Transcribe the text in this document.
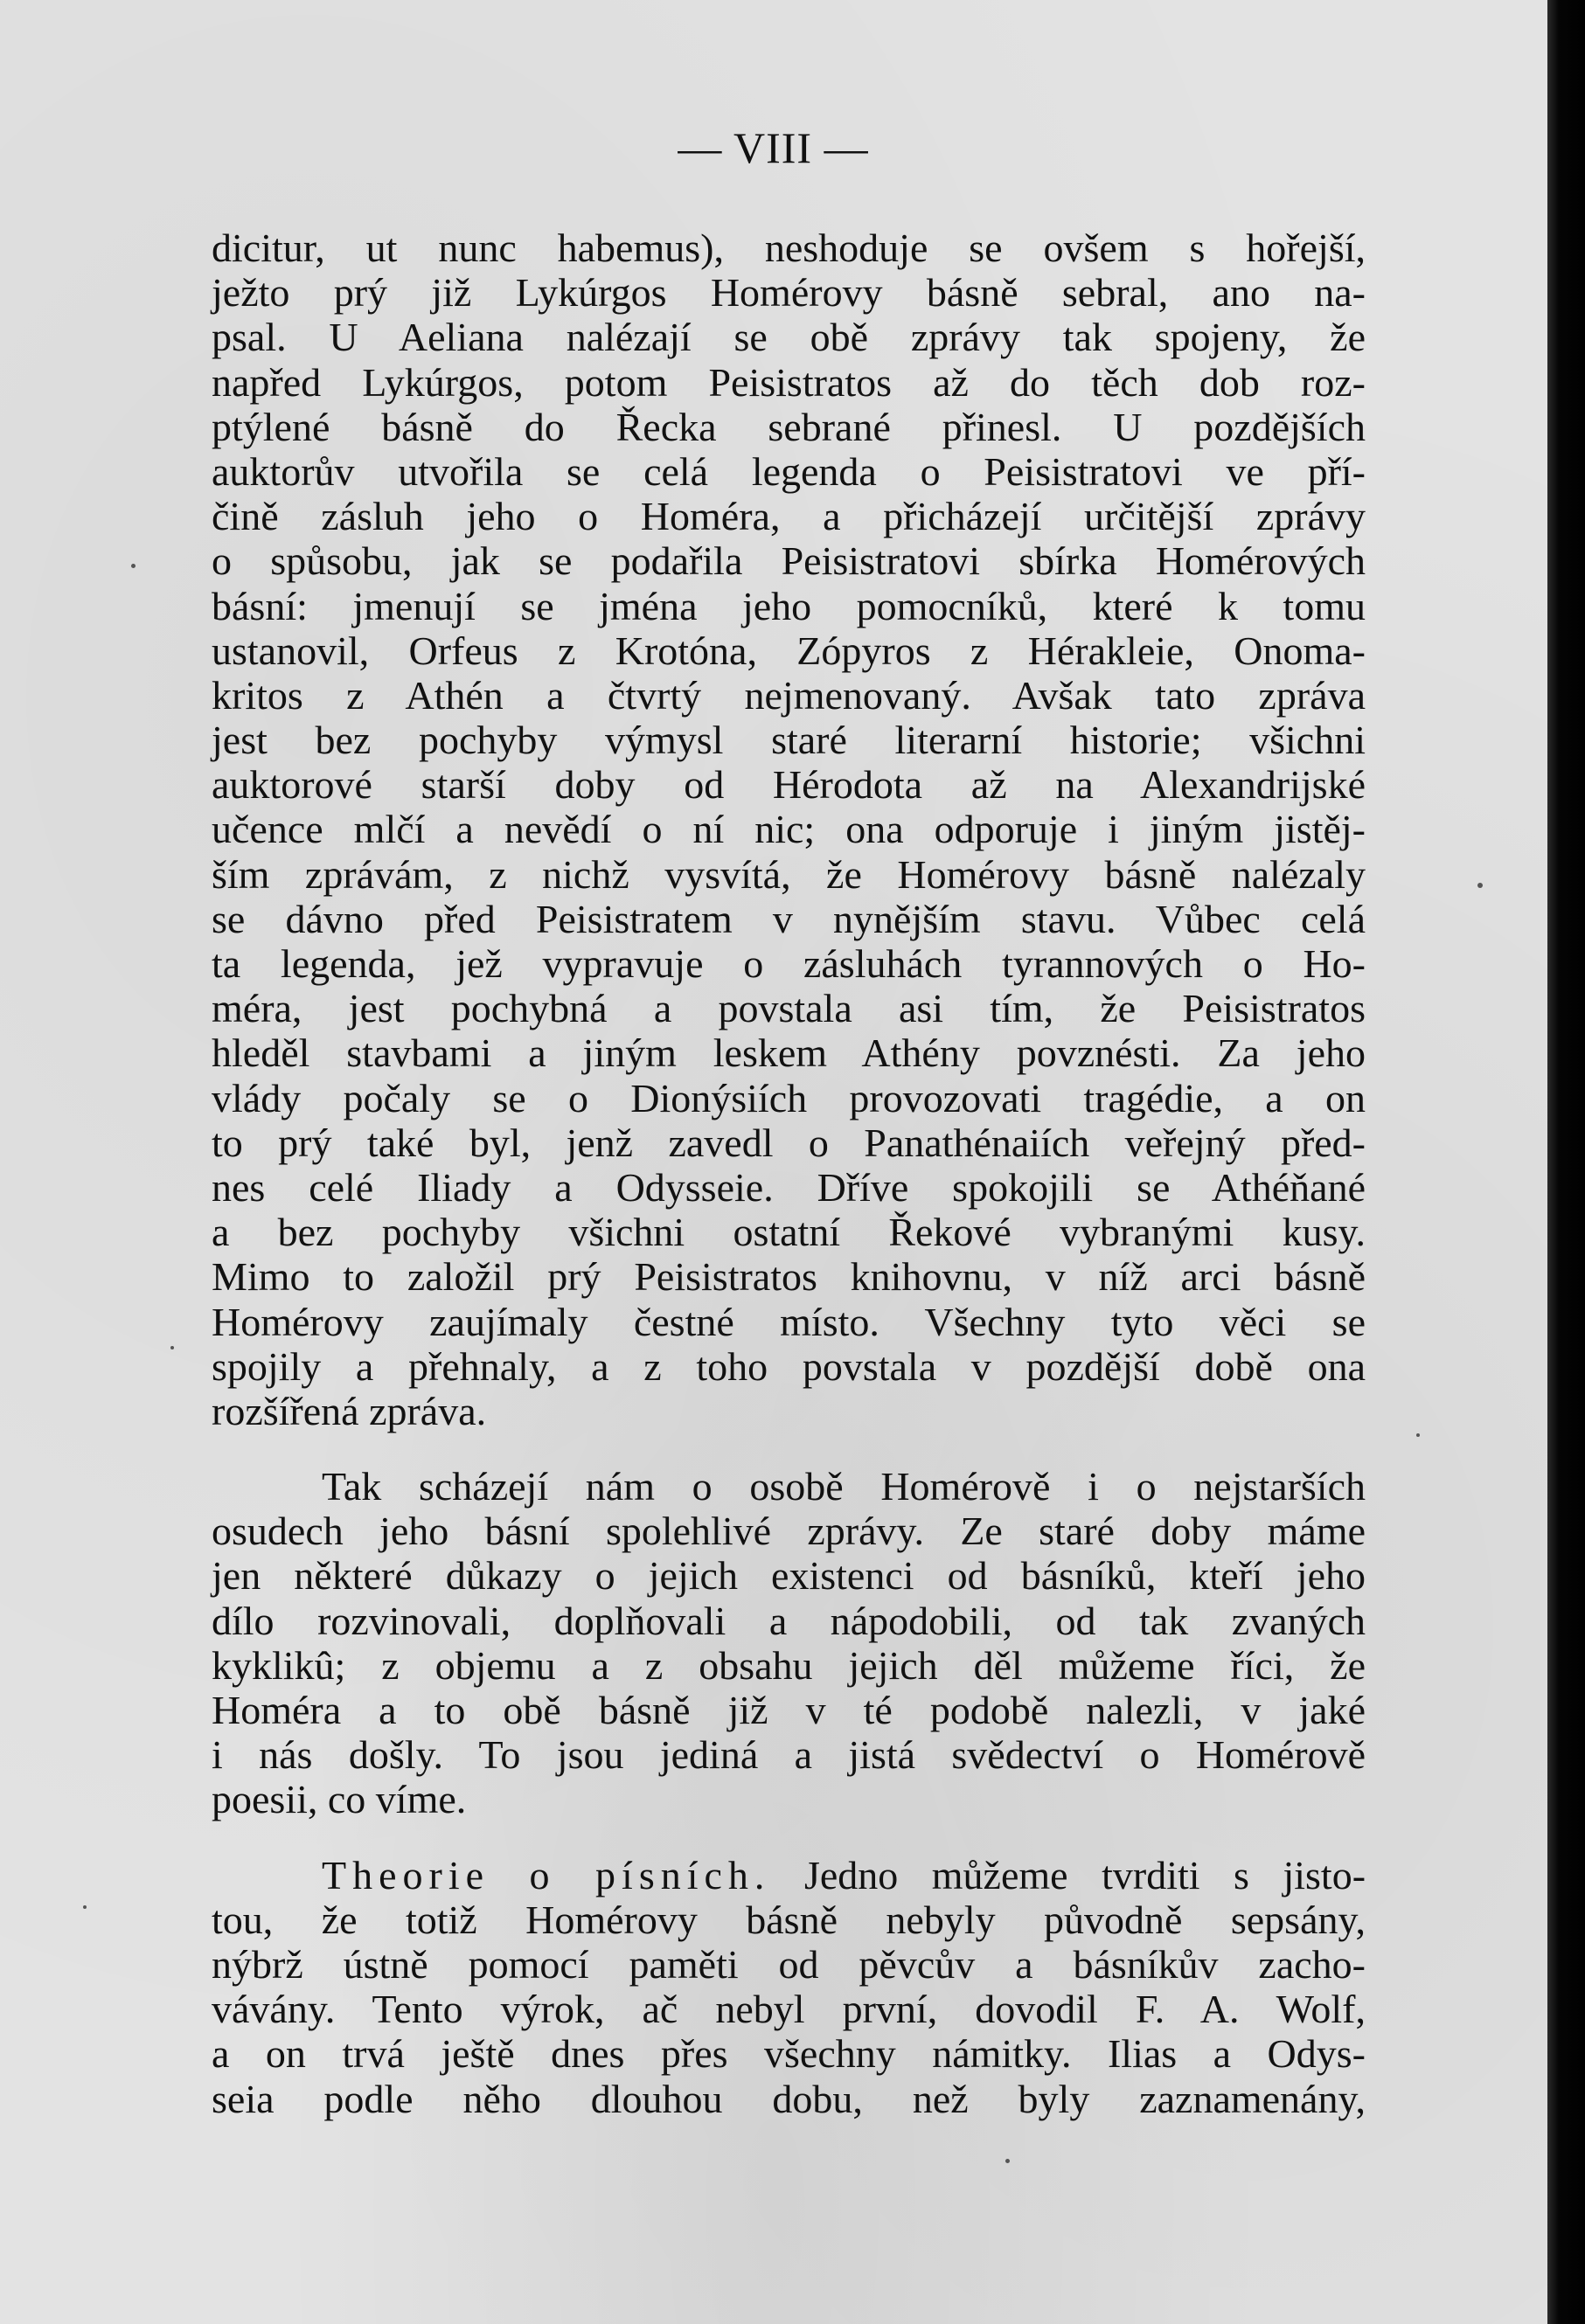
— VIII —
dicitur, ut nunc habemus), neshoduje se ovšem s hořejší,
ježto prý již Lykúrgos Homérovy básně sebral, ano na-
psal. U Aeliana nalézají se obě zprávy tak spojeny, že
napřed Lykúrgos, potom Peisistratos až do těch dob roz-
ptýlené básně do Řecka sebrané přinesl. U pozdějších
auktorův utvořila se celá legenda o Peisistratovi ve pří-
čině zásluh jeho o Homéra, a přicházejí určitější zprávy
o spůsobu, jak se podařila Peisistratovi sbírka Homérových
básní: jmenují se jména jeho pomocníků, které k tomu
ustanovil, Orfeus z Krotóna, Zópyros z Hérakleie, Onoma-
kritos z Athén a čtvrtý nejmenovaný. Avšak tato zpráva
jest bez pochyby výmysl staré literarní historie; všichni
auktorové starší doby od Hérodota až na Alexandrijské
učence mlčí a nevědí o ní nic; ona odporuje i jiným jistěj-
ším zprávám, z nichž vysvítá, že Homérovy básně nalézaly
se dávno před Peisistratem v nynějším stavu. Vůbec celá
ta legenda, jež vypravuje o zásluhách tyrannových o Ho-
méra, jest pochybná a povstala asi tím, že Peisistratos
hleděl stavbami a jiným leskem Athény povznésti. Za jeho
vlády počaly se o Dionýsiích provozovati tragédie, a on
to prý také byl, jenž zavedl o Panathénaiích veřejný před-
nes celé Iliady a Odysseie. Dříve spokojili se Athéňané
a bez pochyby všichni ostatní Řekové vybranými kusy.
Mimo to založil prý Peisistratos knihovnu, v níž arci básně
Homérovy zaujímaly čestné místo. Všechny tyto věci se
spojily a přehnaly, a z toho povstala v pozdější době ona
rozšířená zpráva.
Tak scházejí nám o osobě Homérově i o nejstarších
osudech jeho básní spolehlivé zprávy. Ze staré doby máme
jen některé důkazy o jejich existenci od básníků, kteří jeho
dílo rozvinovali, doplňovali a nápodobili, od tak zvaných
kyklikû; z objemu a z obsahu jejich děl můžeme říci, že
Homéra a to obě básně již v té podobě nalezli, v jaké
i nás došly. To jsou jediná a jistá svědectví o Homérově
poesii, co víme.
Theorie o písních. Jedno můžeme tvrditi s jisto-
tou, že totiž Homérovy básně nebyly původně sepsány,
nýbrž ústně pomocí paměti od pěvcův a básníkův zacho-
vávány. Tento výrok, ač nebyl první, dovodil F. A. Wolf,
a on trvá ještě dnes přes všechny námitky. Ilias a Odys-
seia podle něho dlouhou dobu, než byly zaznamenány,
